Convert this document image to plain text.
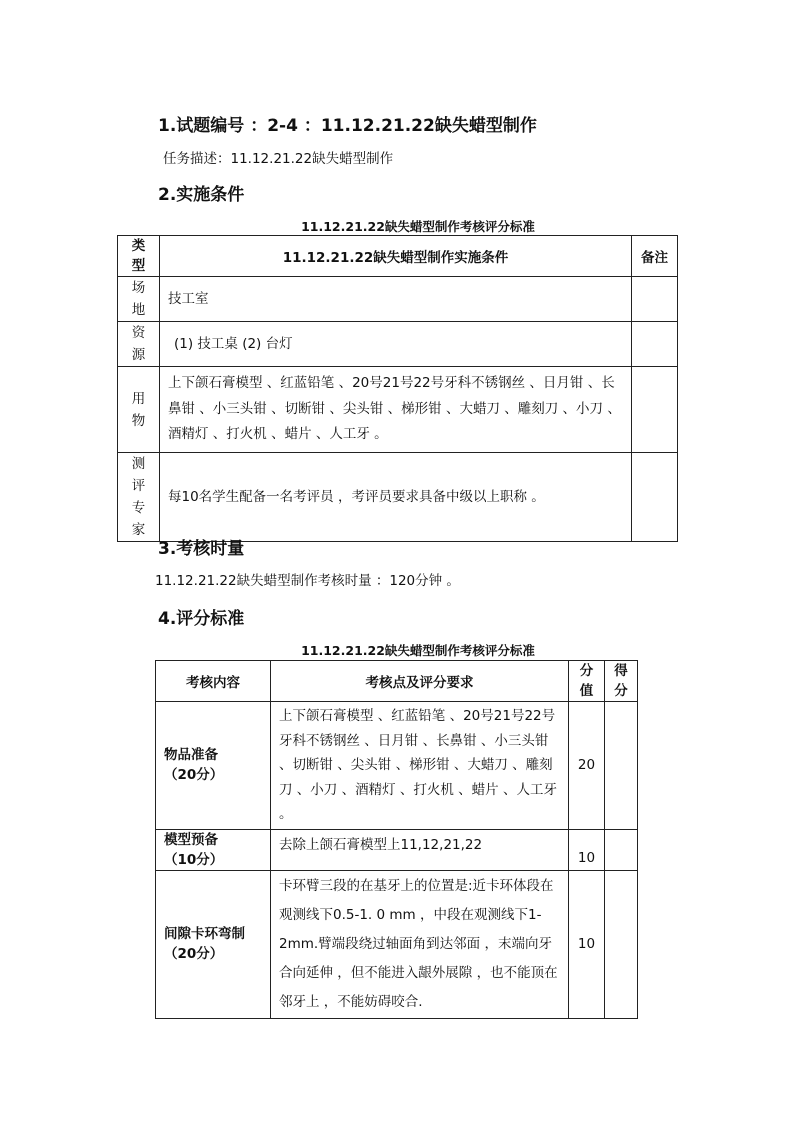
1.试题编号 ：2-4 ：11.12.21.22缺失蜡型制作
任务描述：11.12.21.22缺失蜡型制作
2.实施条件
11.12.21.22缺失蜡型制作考核评分标准
类型	11.12.21.22缺失蜡型制作实施条件	备注
场地	技工室	
资源	(1) 技工桌 (2) 台灯	
用物	上下颌石膏模型 、红蓝铅笔 、20号21号22号牙科不锈钢丝 、日月钳 、长鼻钳 、小三头钳 、切断钳 、尖头钳 、梯形钳 、大蜡刀 、雕刻刀 、小刀 、酒精灯 、打火机 、蜡片 、人工牙 。	
测评专家	每10名学生配备一名考评员 ，考评员要求具备中级以上职称 。	
3.考核时量
11.12.21.22缺失蜡型制作考核时量 ：120分钟 。
4.评分标准
11.12.21.22缺失蜡型制作考核评分标准
考核内容	考核点及评分要求	分值	得分

物品准备
（20分）	上下颌石膏模型 、红蓝铅笔 、20号21号22号牙科不锈钢丝 、日月钳 、长鼻钳 、小三头钳 、切断钳 、尖头钳 、梯形钳 、大蜡刀 、雕刻刀 、小刀 、酒精灯 、打火机 、蜡片 、人工牙 。	20	

模型预备
（10分）	去除上颌石膏模型上11,12,21,22	10	

间隙卡环弯制
（20分）	卡环臂三段的在基牙上的位置是:近卡环体段在观测线下0.5-1. 0 mm ，中段在观测线下1-2mm.臂端段绕过轴面角到达邻面 ，末端向牙合向延伸 ，但不能进入龈外展隙 ，也不能顶在邻牙上 ，不能妨碍咬合.	10	
